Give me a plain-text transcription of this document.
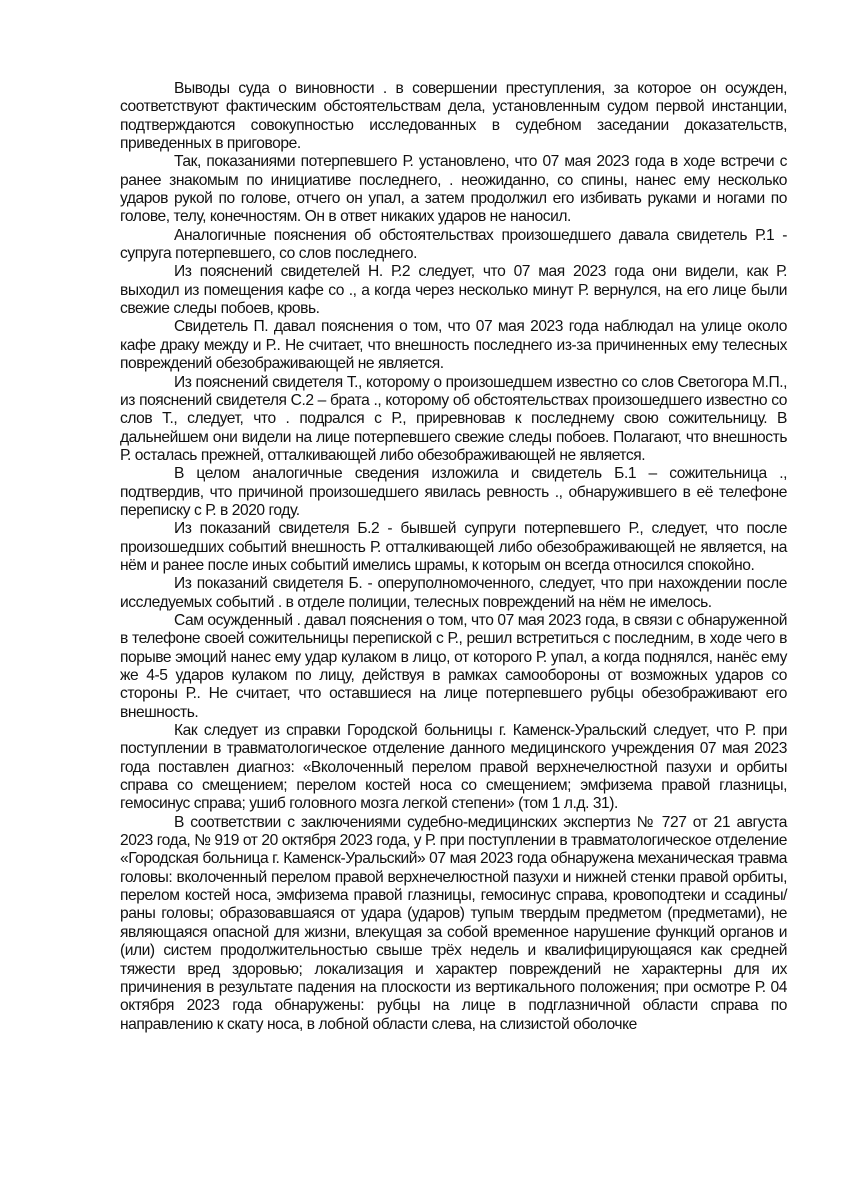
Выводы суда о виновности . в совершении преступления, за которое он осужден, соответствуют фактическим обстоятельствам дела, установленным судом первой инстанции, подтверждаются совокупностью исследованных в судебном заседании доказательств, приведенных в приговоре.

Так, показаниями потерпевшего Р. установлено, что 07 мая 2023 года в ходе встречи с ранее знакомым по инициативе последнего, . неожиданно, со спины, нанес ему несколько ударов рукой по голове, отчего он упал, а затем продолжил его избивать руками и ногами по голове, телу, конечностям. Он в ответ никаких ударов не наносил.

Аналогичные пояснения об обстоятельствах произошедшего давала свидетель Р.1 - супруга потерпевшего, со слов последнего.

Из пояснений свидетелей Н. Р.2 следует, что 07 мая 2023 года они видели, как Р. выходил из помещения кафе со ., а когда через несколько минут Р. вернулся, на его лице были свежие следы побоев, кровь.

Свидетель П. давал пояснения о том, что 07 мая 2023 года наблюдал на улице около кафе драку между и Р.. Не считает, что внешность последнего из-за причиненных ему телесных повреждений обезображивающей не является.

Из пояснений свидетеля Т., которому о произошедшем известно со слов Светогора М.П., из пояснений свидетеля С.2 – брата ., которому об обстоятельствах произошедшего известно со слов Т., следует, что . подрался с Р., приревновав к последнему свою сожительницу. В дальнейшем они видели на лице потерпевшего свежие следы побоев. Полагают, что внешность Р. осталась прежней, отталкивающей либо обезображивающей не является.

В целом аналогичные сведения изложила и свидетель Б.1 – сожительница ., подтвердив, что причиной произошедшего явилась ревность ., обнаружившего в её телефоне переписку с Р. в 2020 году.

Из показаний свидетеля Б.2 - бывшей супруги потерпевшего Р., следует, что после произошедших событий внешность Р. отталкивающей либо обезображивающей не является, на нём и ранее после иных событий имелись шрамы, к которым он всегда относился спокойно.

Из показаний свидетеля Б. - оперуполномоченного, следует, что при нахождении после исследуемых событий . в отделе полиции, телесных повреждений на нём не имелось.

Сам осужденный . давал пояснения о том, что 07 мая 2023 года, в связи с обнаруженной в телефоне своей сожительницы перепиской с Р., решил встретиться с последним, в ходе чего в порыве эмоций нанес ему удар кулаком в лицо, от которого Р. упал, а когда поднялся, нанёс ему же 4-5 ударов кулаком по лицу, действуя в рамках самообороны от возможных ударов со стороны Р.. Не считает, что оставшиеся на лице потерпевшего рубцы обезображивают его внешность.

Как следует из справки Городской больницы г. Каменск-Уральский следует, что Р. при поступлении в травматологическое отделение данного медицинского учреждения 07 мая 2023 года поставлен диагноз: «Вколоченный перелом правой верхнечелюстной пазухи и орбиты справа со смещением; перелом костей носа со смещением; эмфизема правой глазницы, гемосинус справа; ушиб головного мозга легкой степени» (том 1 л.д. 31).

В соответствии с заключениями судебно-медицинских экспертиз № 727 от 21 августа 2023 года, № 919 от 20 октября 2023 года, у Р. при поступлении в травматологическое отделение «Городская больница г. Каменск-Уральский» 07 мая 2023 года обнаружена механическая травма головы: вколоченный перелом правой верхнечелюстной пазухи и нижней стенки правой орбиты, перелом костей носа, эмфизема правой глазницы, гемосинус справа, кровоподтеки и ссадины/раны головы; образовавшаяся от удара (ударов) тупым твердым предметом (предметами), не являющаяся опасной для жизни, влекущая за собой временное нарушение функций органов и (или) систем продолжительностью свыше трёх недель и квалифицирующаяся как средней тяжести вред здоровью; локализация и характер повреждений не характерны для их причинения в результате падения на плоскости из вертикального положения; при осмотре Р. 04 октября 2023 года обнаружены: рубцы на лице в подглазничной области справа по направлению к скату носа, в лобной области слева, на слизистой оболочке
